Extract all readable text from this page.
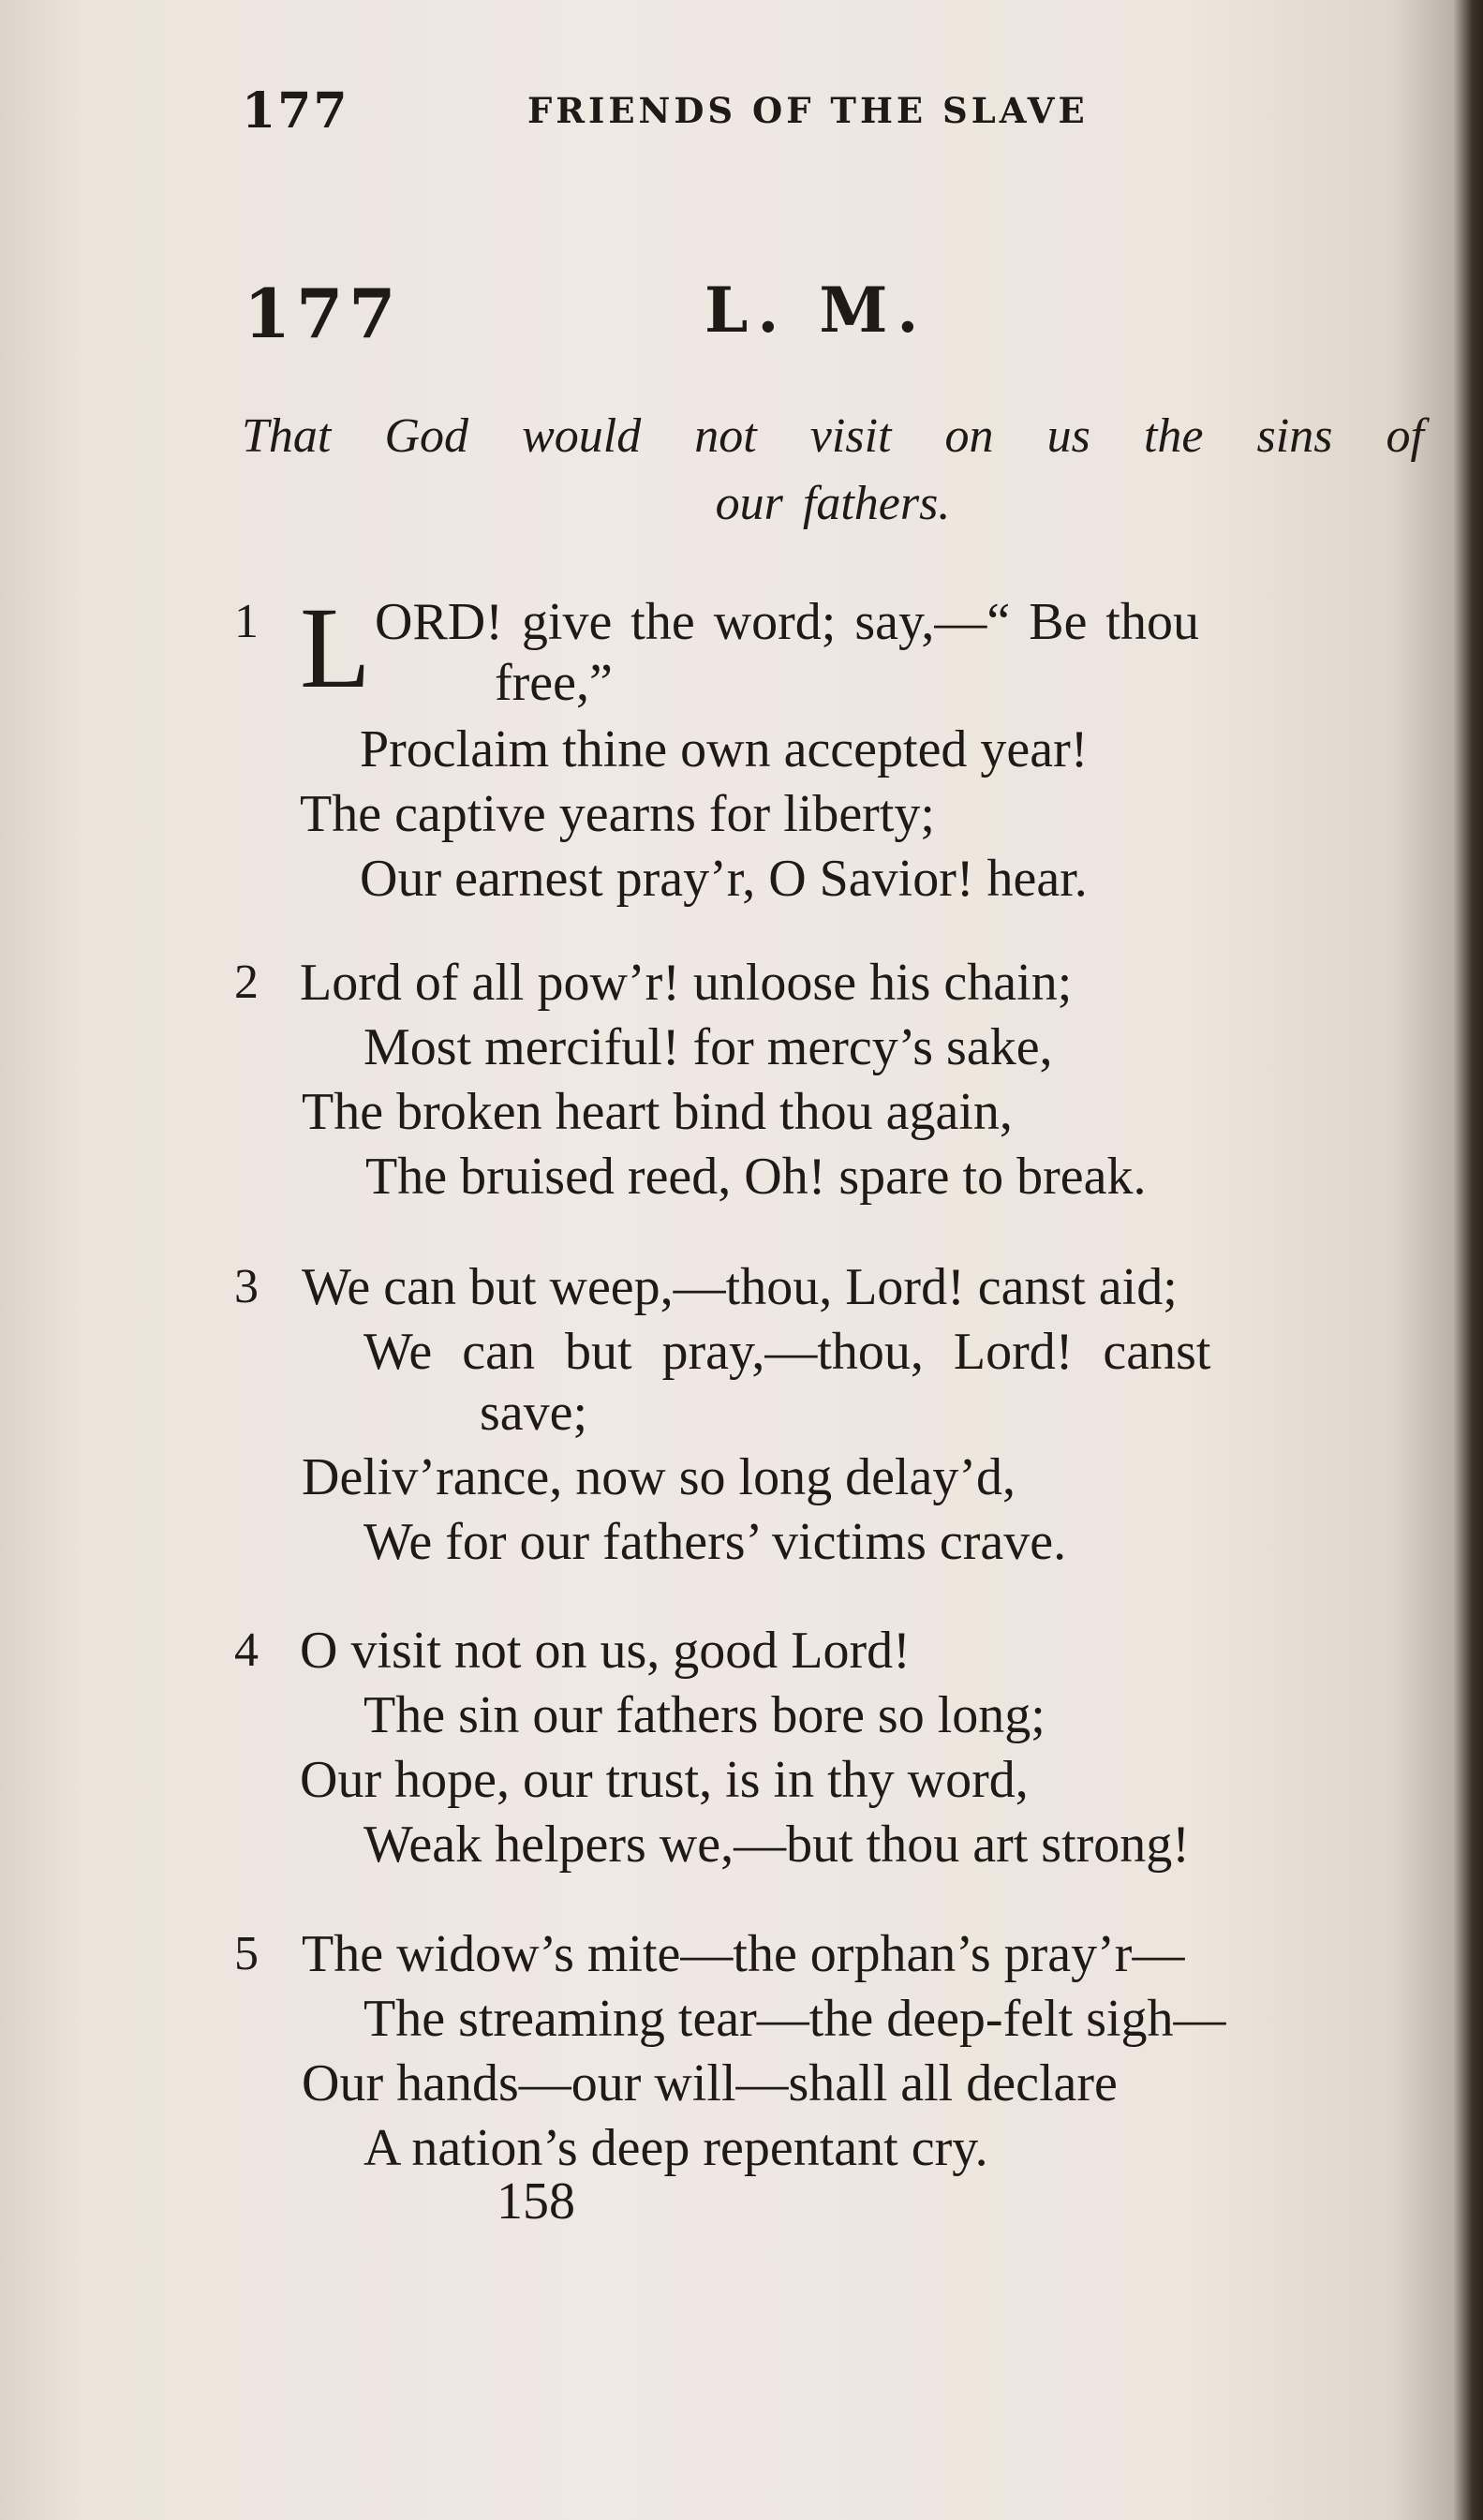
177	FRIENDS OF THE SLAVE
177	L. M.
That God would not visit on us the sins of
our fathers.
1 L ORD! give the word; say,—“ Be thou
free,”
Proclaim thine own accepted year!
The captive yearns for liberty;
Our earnest pray’r, O Savior! hear.
2 Lord of all pow’r! unloose his chain;
Most merciful! for mercy’s sake,
The broken heart bind thou again,
The bruised reed, Oh! spare to break.
3 We can but weep,—thou, Lord! canst aid;
We can but pray,—thou, Lord! canst
save;
Deliv’rance, now so long delay’d,
We for our fathers’ victims crave.
4 O visit not on us, good Lord!
The sin our fathers bore so long;
Our hope, our trust, is in thy word,
Weak helpers we,—but thou art strong!
5 The widow’s mite—the orphan’s pray’r—
The streaming tear—the deep-felt sigh—
Our hands—our will—shall all declare
A nation’s deep repentant cry.
158
